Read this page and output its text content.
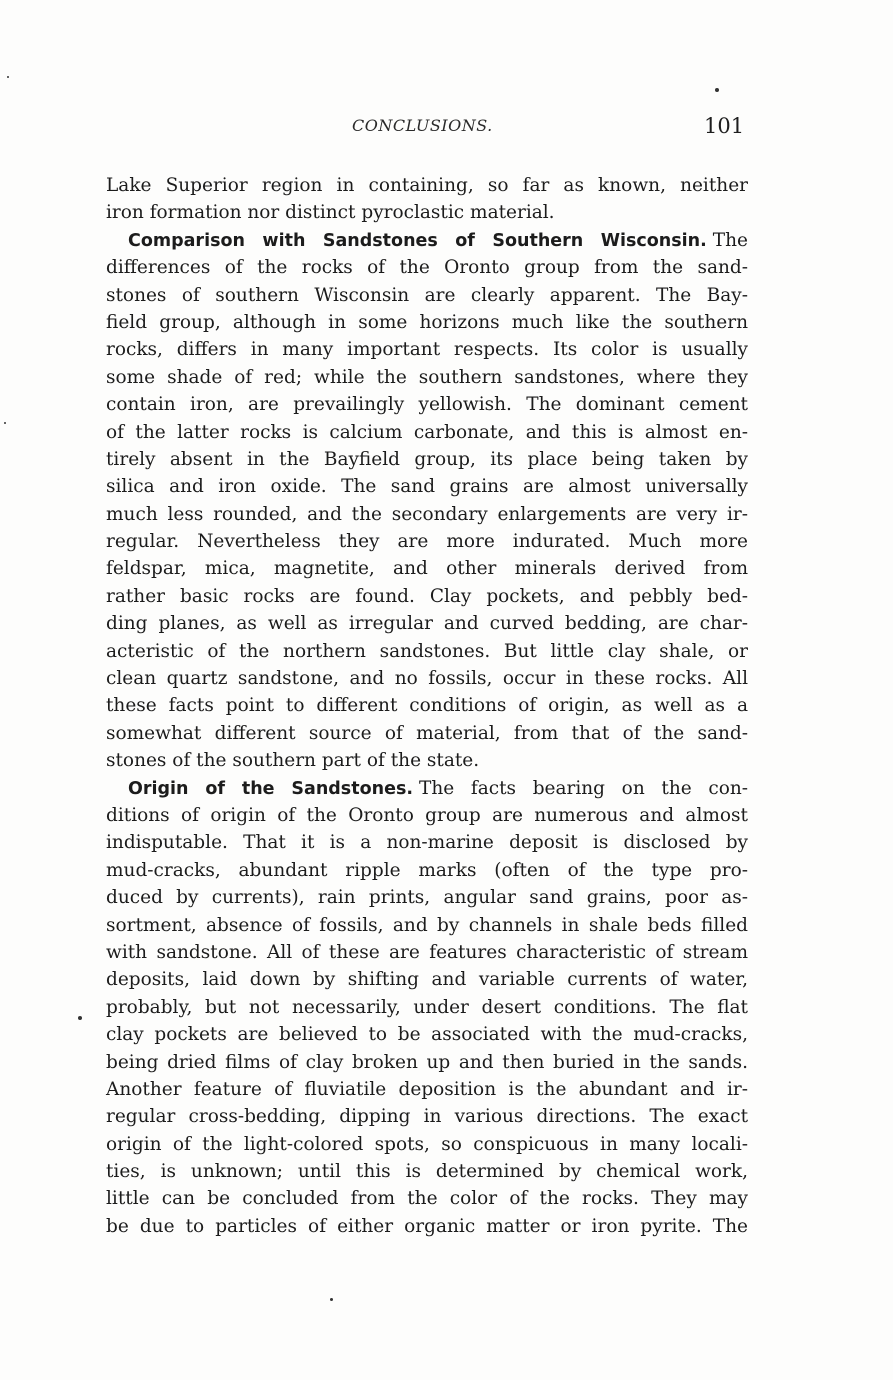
CONCLUSIONS.	101
Lake Superior region in containing, so far as known, neither
iron formation nor distinct pyroclastic material.
Comparison with Sandstones of Southern Wisconsin. The
differences of the rocks of the Oronto group from the sand-
stones of southern Wisconsin are clearly apparent. The Bay-
field group, although in some horizons much like the southern
rocks, differs in many important respects. Its color is usually
some shade of red; while the southern sandstones, where they
contain iron, are prevailingly yellowish. The dominant cement
of the latter rocks is calcium carbonate, and this is almost en-
tirely absent in the Bayfield group, its place being taken by
silica and iron oxide. The sand grains are almost universally
much less rounded, and the secondary enlargements are very ir-
regular. Nevertheless they are more indurated. Much more
feldspar, mica, magnetite, and other minerals derived from
rather basic rocks are found. Clay pockets, and pebbly bed-
ding planes, as well as irregular and curved bedding, are char-
acteristic of the northern sandstones. But little clay shale, or
clean quartz sandstone, and no fossils, occur in these rocks. All
these facts point to different conditions of origin, as well as a
somewhat different source of material, from that of the sand-
stones of the southern part of the state.
Origin of the Sandstones. The facts bearing on the con-
ditions of origin of the Oronto group are numerous and almost
indisputable. That it is a non-marine deposit is disclosed by
mud-cracks, abundant ripple marks (often of the type pro-
duced by currents), rain prints, angular sand grains, poor as-
sortment, absence of fossils, and by channels in shale beds filled
with sandstone. All of these are features characteristic of stream
deposits, laid down by shifting and variable currents of water,
probably, but not necessarily, under desert conditions. The flat
clay pockets are believed to be associated with the mud-cracks,
being dried films of clay broken up and then buried in the sands.
Another feature of fluviatile deposition is the abundant and ir-
regular cross-bedding, dipping in various directions. The exact
origin of the light-colored spots, so conspicuous in many locali-
ties, is unknown; until this is determined by chemical work,
little can be concluded from the color of the rocks. They may
be due to particles of either organic matter or iron pyrite. The
